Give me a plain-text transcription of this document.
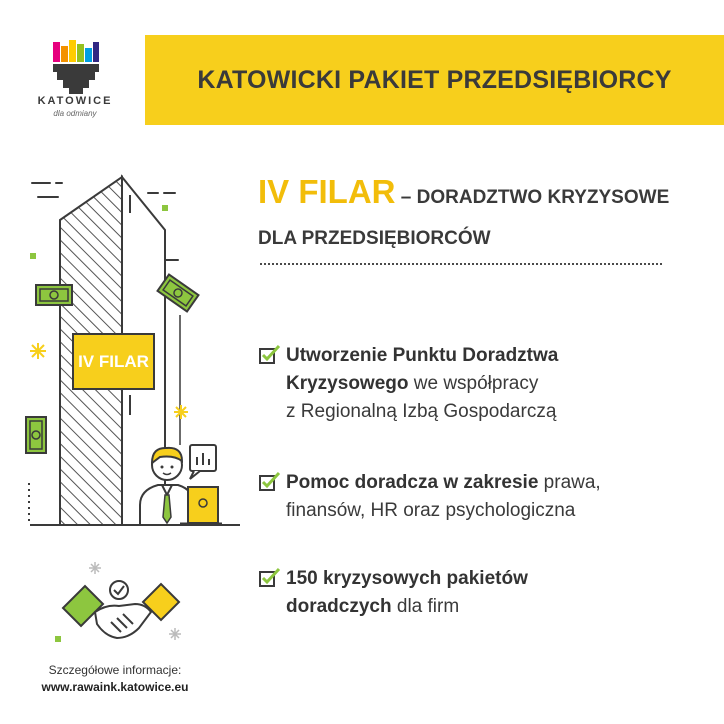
KATOWICE
dla odmiany
KATOWICKI PAKIET PRZEDSIĘBIORCY
IV FILAR
IV FILAR – DORADZTWO KRYZYSOWE
DLA PRZEDSIĘBIORCÓW
Utworzenie Punktu Doradztwa
Kryzysowego we współpracy
z Regionalną Izbą Gospodarczą
Pomoc doradcza w zakresie prawa,
finansów, HR oraz psychologiczna
150 kryzysowych pakietów
doradczych dla firm
Szczegółowe informacje:
www.rawaink.katowice.eu
